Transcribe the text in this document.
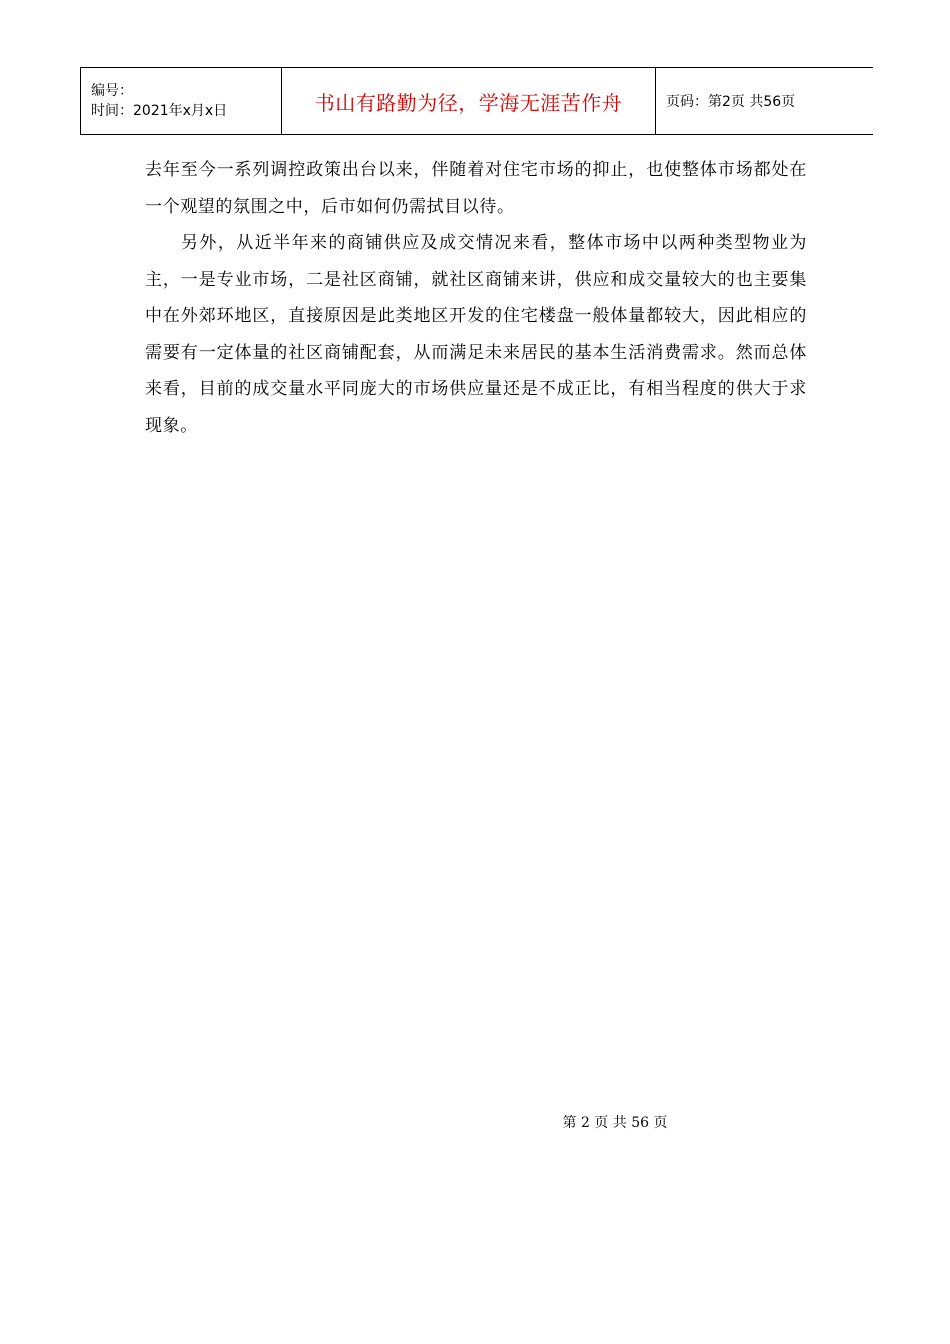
编号：
时间：2021年x月x日	书山有路勤为径，学海无涯苦作舟	页码：第2页 共56页

去年至今一系列调控政策出台以来，伴随着对住宅市场的抑止，也使整体市场都处在一个观望的氛围之中，后市如何仍需拭目以待。

另外，从近半年来的商铺供应及成交情况来看，整体市场中以两种类型物业为主，一是专业市场，二是社区商铺，就社区商铺来讲，供应和成交量较大的也主要集中在外郊环地区，直接原因是此类地区开发的住宅楼盘一般体量都较大，因此相应的需要有一定体量的社区商铺配套，从而满足未来居民的基本生活消费需求。然而总体来看，目前的成交量水平同庞大的市场供应量还是不成正比，有相当程度的供大于求现象。

第 2 页 共 56 页
